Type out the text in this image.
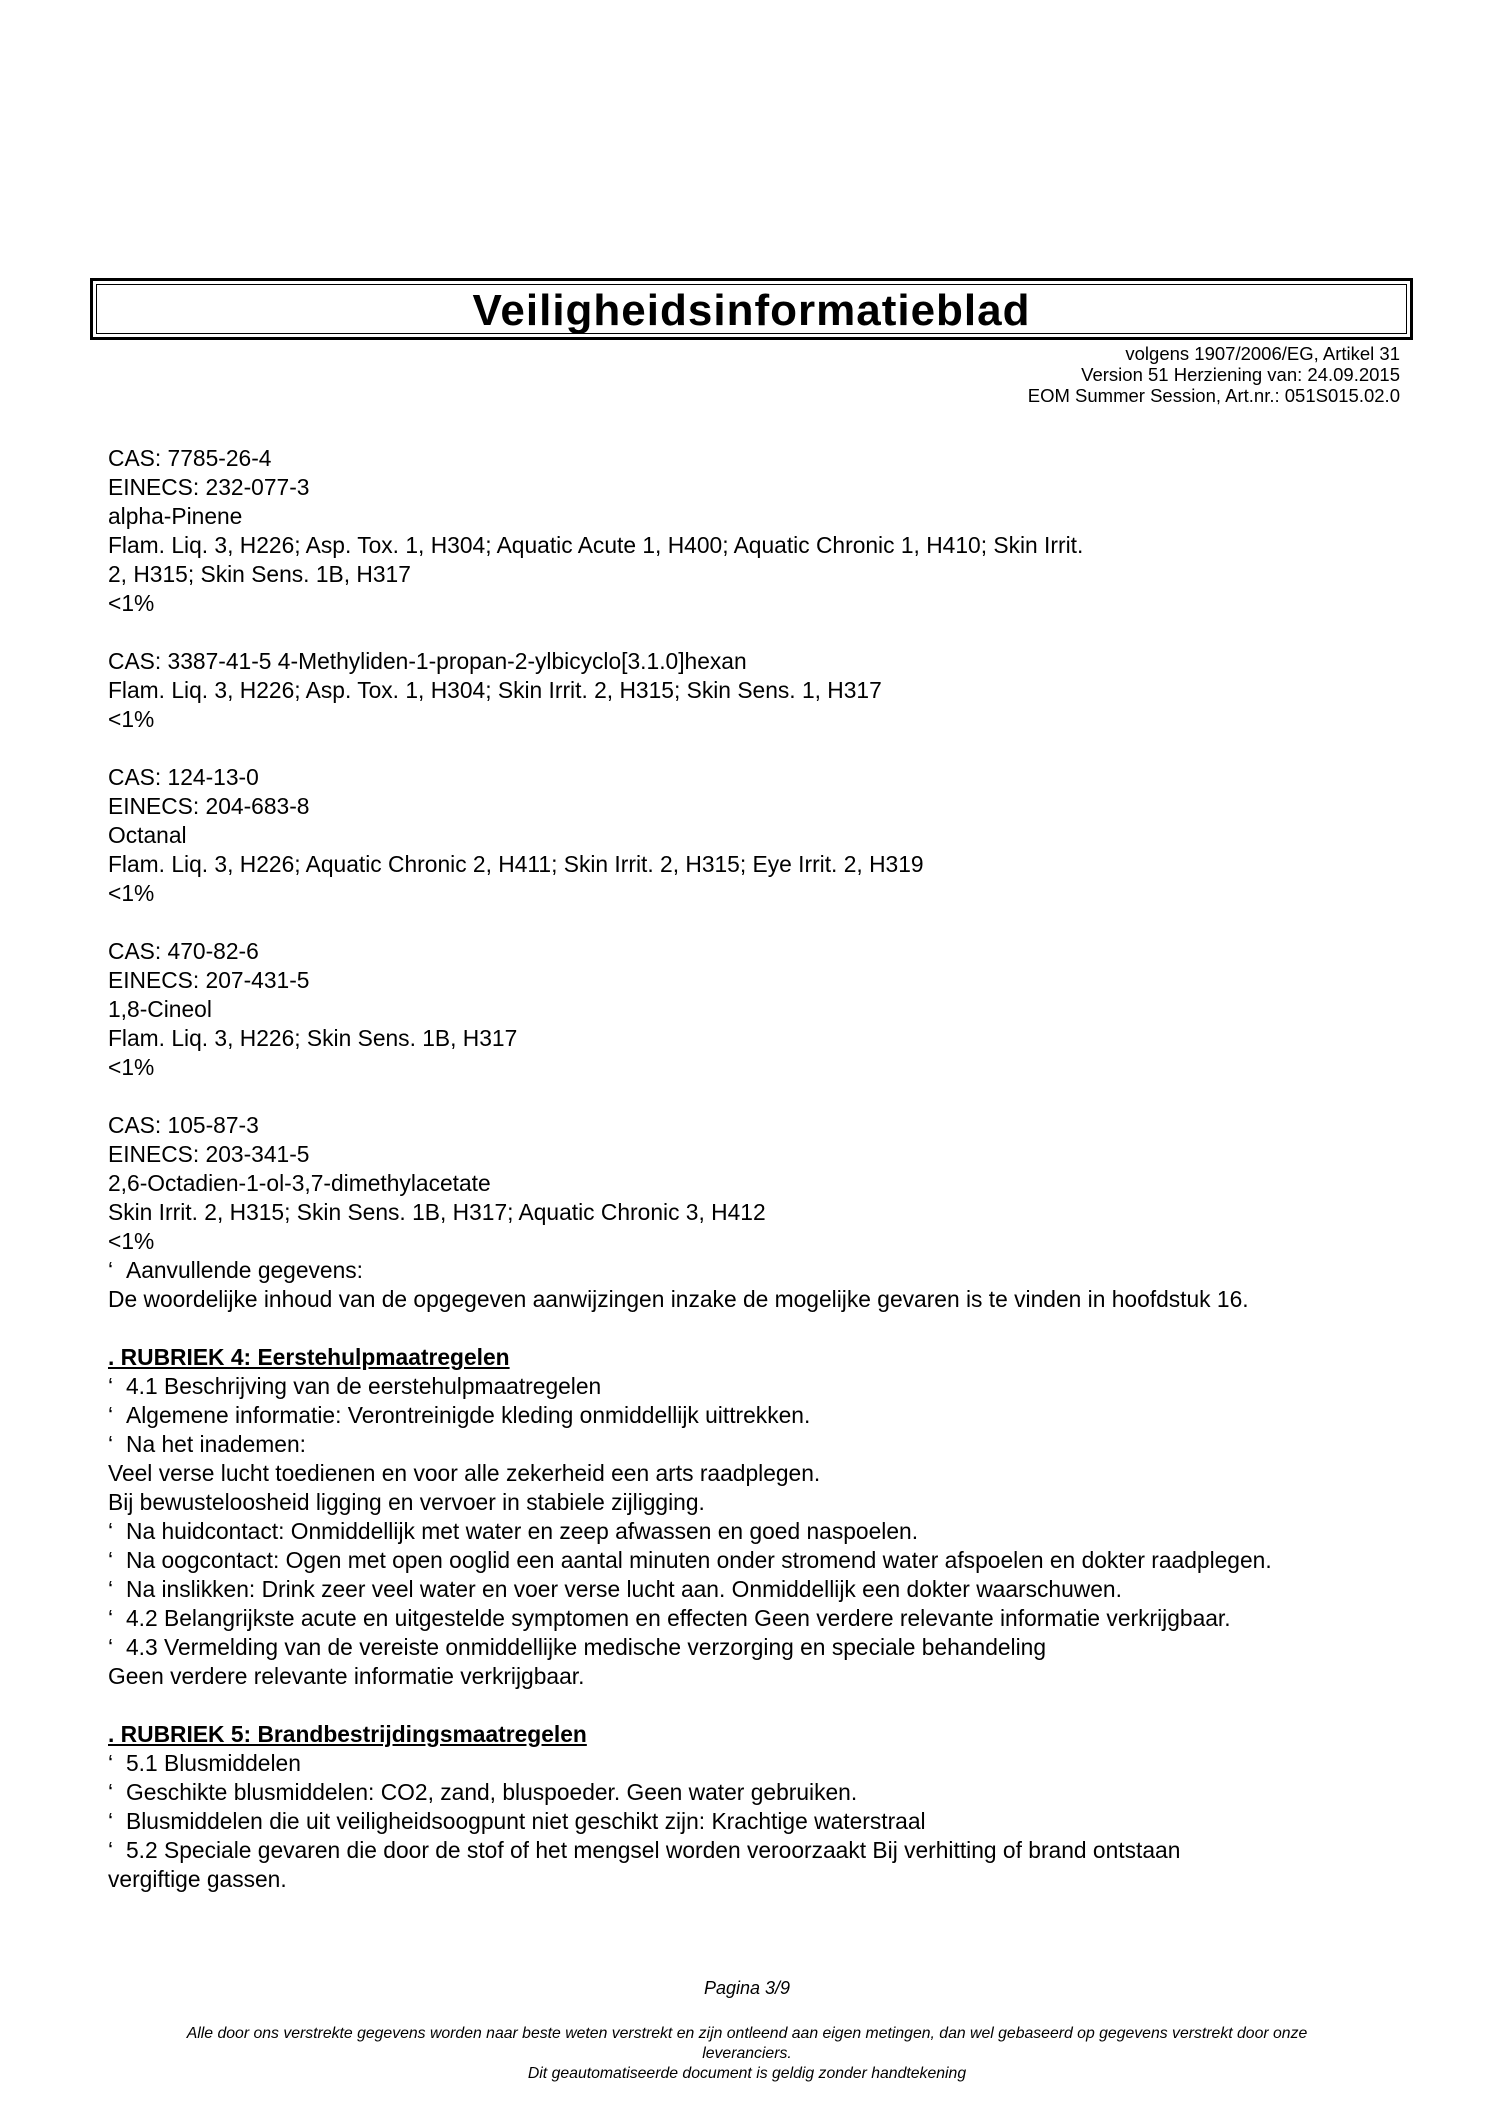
Veiligheidsinformatieblad
volgens 1907/2006/EG, Artikel 31
Version 51 Herziening van: 24.09.2015
EOM Summer Session, Art.nr.: 051S015.02.0
CAS: 7785-26-4
EINECS: 232-077-3
alpha-Pinene
Flam. Liq. 3, H226; Asp. Tox. 1, H304; Aquatic Acute 1, H400; Aquatic Chronic 1, H410; Skin Irrit.
2, H315; Skin Sens. 1B, H317
<1%
CAS: 3387-41-5 4-Methyliden-1-propan-2-ylbicyclo[3.1.0]hexan
Flam. Liq. 3, H226; Asp. Tox. 1, H304; Skin Irrit. 2, H315; Skin Sens. 1, H317
<1%
CAS: 124-13-0
EINECS: 204-683-8
Octanal
Flam. Liq. 3, H226; Aquatic Chronic 2, H411; Skin Irrit. 2, H315; Eye Irrit. 2, H319
<1%
CAS: 470-82-6
EINECS: 207-431-5
1,8-Cineol
Flam. Liq. 3, H226; Skin Sens. 1B, H317
<1%
CAS: 105-87-3
EINECS: 203-341-5
2,6-Octadien-1-ol-3,7-dimethylacetate
Skin Irrit. 2, H315; Skin Sens. 1B, H317; Aquatic Chronic 3, H412
<1%
‘ Aanvullende gegevens:
De woordelijke inhoud van de opgegeven aanwijzingen inzake de mogelijke gevaren is te vinden in hoofdstuk 16.
. RUBRIEK 4: Eerstehulpmaatregelen
‘ 4.1 Beschrijving van de eerstehulpmaatregelen
‘ Algemene informatie: Verontreinigde kleding onmiddellijk uittrekken.
‘ Na het inademen:
Veel verse lucht toedienen en voor alle zekerheid een arts raadplegen.
Bij bewusteloosheid ligging en vervoer in stabiele zijligging.
‘ Na huidcontact: Onmiddellijk met water en zeep afwassen en goed naspoelen.
‘ Na oogcontact: Ogen met open ooglid een aantal minuten onder stromend water afspoelen en dokter raadplegen.
‘ Na inslikken: Drink zeer veel water en voer verse lucht aan. Onmiddellijk een dokter waarschuwen.
‘ 4.2 Belangrijkste acute en uitgestelde symptomen en effecten Geen verdere relevante informatie verkrijgbaar.
‘ 4.3 Vermelding van de vereiste onmiddellijke medische verzorging en speciale behandeling
Geen verdere relevante informatie verkrijgbaar.
. RUBRIEK 5: Brandbestrijdingsmaatregelen
‘ 5.1 Blusmiddelen
‘ Geschikte blusmiddelen: CO2, zand, bluspoeder. Geen water gebruiken.
‘ Blusmiddelen die uit veiligheidsoogpunt niet geschikt zijn: Krachtige waterstraal
‘ 5.2 Speciale gevaren die door de stof of het mengsel worden veroorzaakt Bij verhitting of brand ontstaan
vergiftige gassen.
Pagina 3/9
Alle door ons verstrekte gegevens worden naar beste weten verstrekt en zijn ontleend aan eigen metingen, dan wel gebaseerd op gegevens verstrekt door onze
leveranciers.
Dit geautomatiseerde document is geldig zonder handtekening
